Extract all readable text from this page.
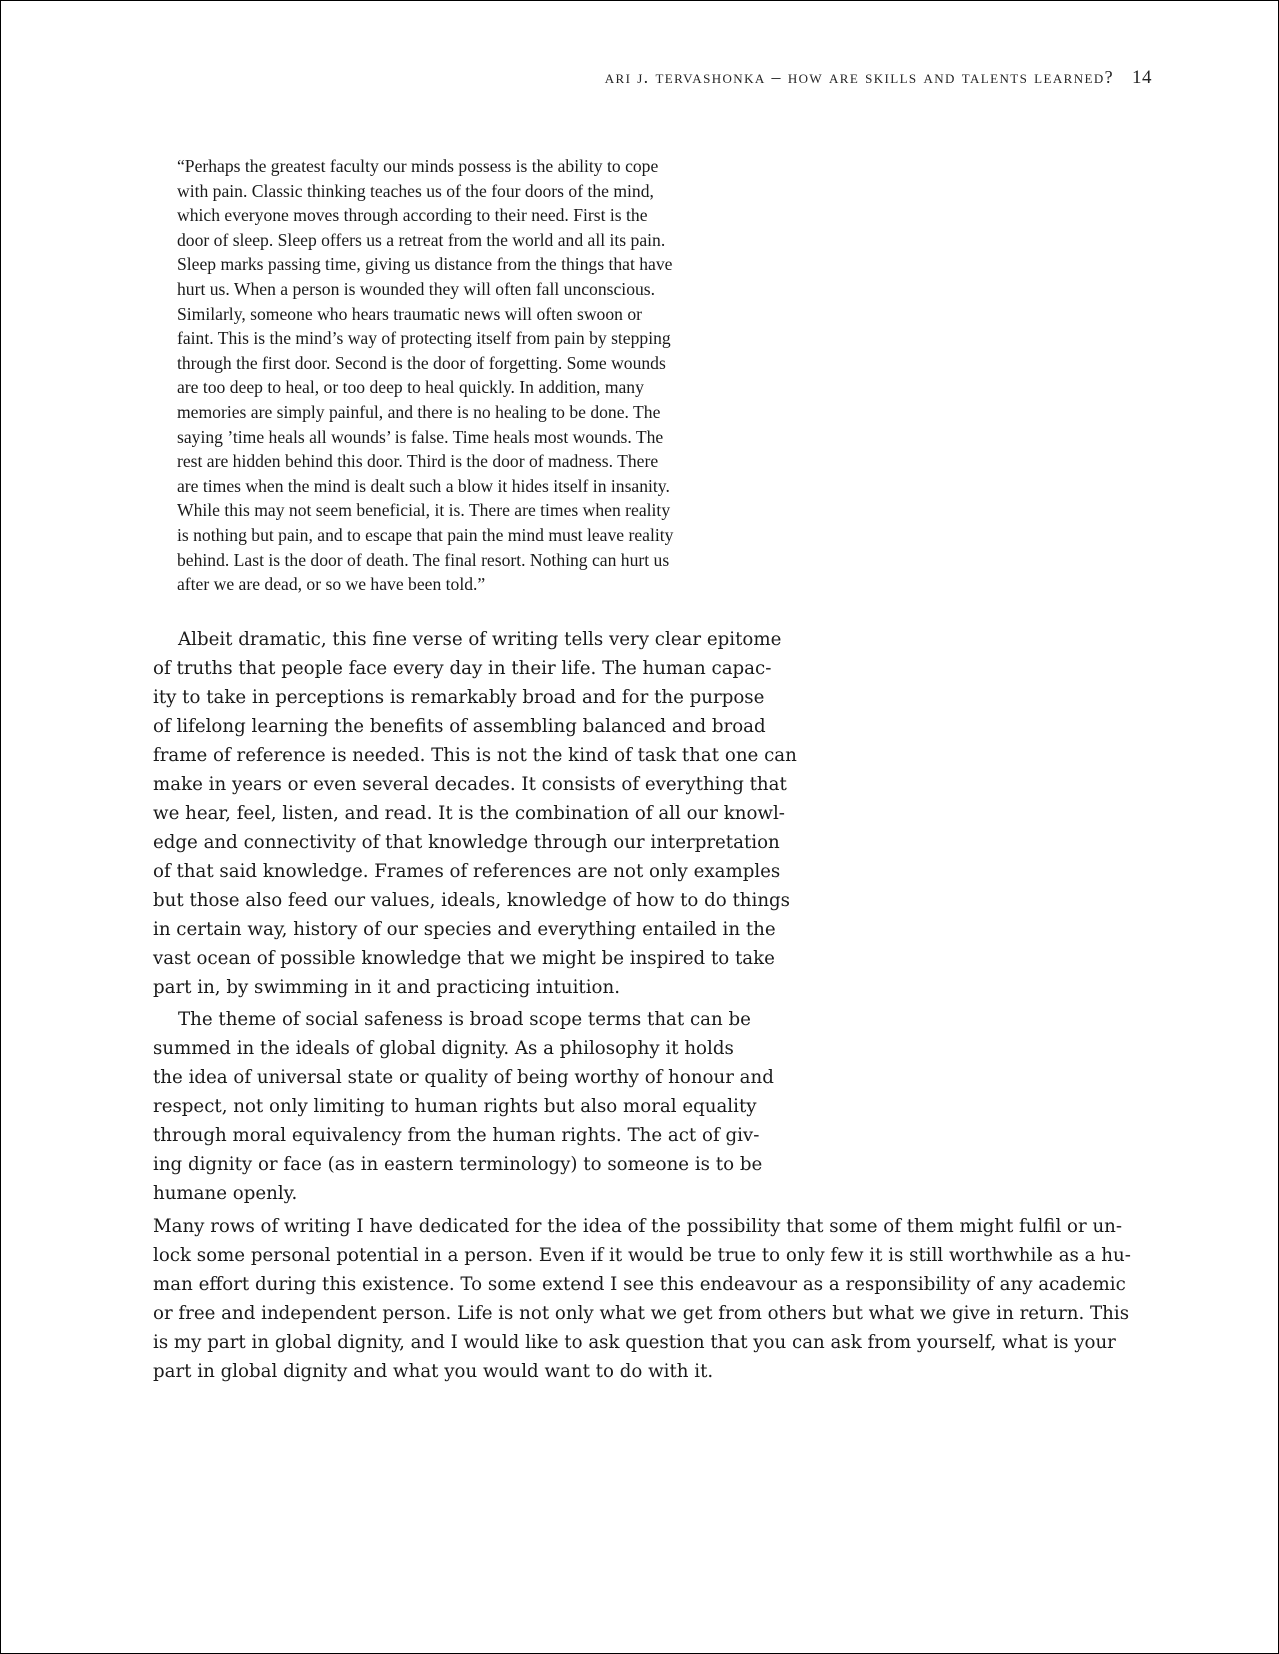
ari j. tervashonka – how are skills and talents learned? 14
“Perhaps the greatest faculty our minds possess is the ability to cope
with pain. Classic thinking teaches us of the four doors of the mind,
which everyone moves through according to their need. First is the
door of sleep. Sleep offers us a retreat from the world and all its pain.
Sleep marks passing time, giving us distance from the things that have
hurt us. When a person is wounded they will often fall unconscious.
Similarly, someone who hears traumatic news will often swoon or
faint. This is the mind’s way of protecting itself from pain by stepping
through the first door. Second is the door of forgetting. Some wounds
are too deep to heal, or too deep to heal quickly. In addition, many
memories are simply painful, and there is no healing to be done. The
saying ’time heals all wounds’ is false. Time heals most wounds. The
rest are hidden behind this door. Third is the door of madness. There
are times when the mind is dealt such a blow it hides itself in insanity.
While this may not seem beneficial, it is. There are times when reality
is nothing but pain, and to escape that pain the mind must leave reality
behind. Last is the door of death. The final resort. Nothing can hurt us
after we are dead, or so we have been told.”
Albeit dramatic, this fine verse of writing tells very clear epitome
of truths that people face every day in their life. The human capac-
ity to take in perceptions is remarkably broad and for the purpose
of lifelong learning the benefits of assembling balanced and broad
frame of reference is needed. This is not the kind of task that one can
make in years or even several decades. It consists of everything that
we hear, feel, listen, and read. It is the combination of all our knowl-
edge and connectivity of that knowledge through our interpretation
of that said knowledge. Frames of references are not only examples
but those also feed our values, ideals, knowledge of how to do things
in certain way, history of our species and everything entailed in the
vast ocean of possible knowledge that we might be inspired to take
part in, by swimming in it and practicing intuition.
The theme of social safeness is broad scope terms that can be
summed in the ideals of global dignity. As a philosophy it holds
the idea of universal state or quality of being worthy of honour and
respect, not only limiting to human rights but also moral equality
through moral equivalency from the human rights. The act of giv-
ing dignity or face (as in eastern terminology) to someone is to be
humane openly.
Many rows of writing I have dedicated for the idea of the possibility that some of them might fulfil or un-
lock some personal potential in a person. Even if it would be true to only few it is still worthwhile as a hu-
man effort during this existence. To some extend I see this endeavour as a responsibility of any academic
or free and independent person. Life is not only what we get from others but what we give in return. This
is my part in global dignity, and I would like to ask question that you can ask from yourself, what is your
part in global dignity and what you would want to do with it.
